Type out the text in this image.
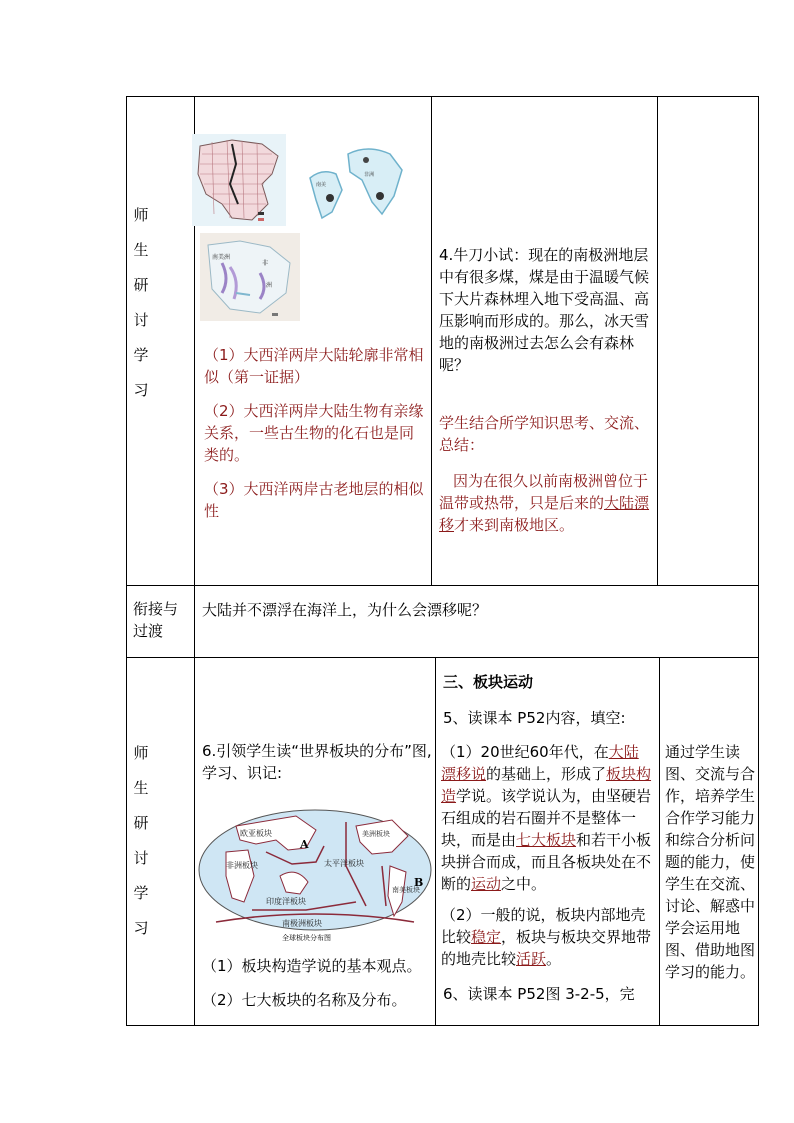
师
生
研
讨
学
习
南美
非洲
南美洲
非
洲
（1）大西洋两岸大陆轮廓非常相似（第一证据）
（2）大西洋两岸大陆生物有亲缘关系，一些古生物的化石也是同类的。
（3）大西洋两岸古老地层的相似性
4.牛刀小试：现在的南极洲地层中有很多煤，煤是由于温暖气候下大片森林埋入地下受高温、高压影响而形成的。那么，冰天雪地的南极洲过去怎么会有森林呢？
学生结合所学知识思考、交流、总结：
因为在很久以前南极洲曾位于温带或热带，只是后来的大陆漂移才来到南极地区。
衔接与过渡
大陆并不漂浮在海洋上，为什么会漂移呢？
师
生
研
讨
学
习
6.引领学生读“世界板块的分布”图,学习、识记:
欧亚板块
太平洋板块
非洲板块
印度洋板块
美洲板块
南极洲板块
南美板块
A
B
全球板块分布图
（1）板块构造学说的基本观点。
（2）七大板块的名称及分布。
三、板块运动
5、读课本 P52内容，填空:
（1）20世纪60年代，在大陆漂移说的基础上，形成了板块构造学说。该学说认为，由坚硬岩石组成的岩石圈并不是整体一块，而是由七大板块和若干小板块拼合而成，而且各板块处在不断的运动之中。
（2）一般的说，板块内部地壳比较稳定，板块与板块交界地带的地壳比较活跃。
6、读课本 P52图 3-2-5，完
通过学生读图、交流与合作，培养学生合作学习能力和综合分析问题的能力，使学生在交流、讨论、解惑中学会运用地图、借助地图学习的能力。
